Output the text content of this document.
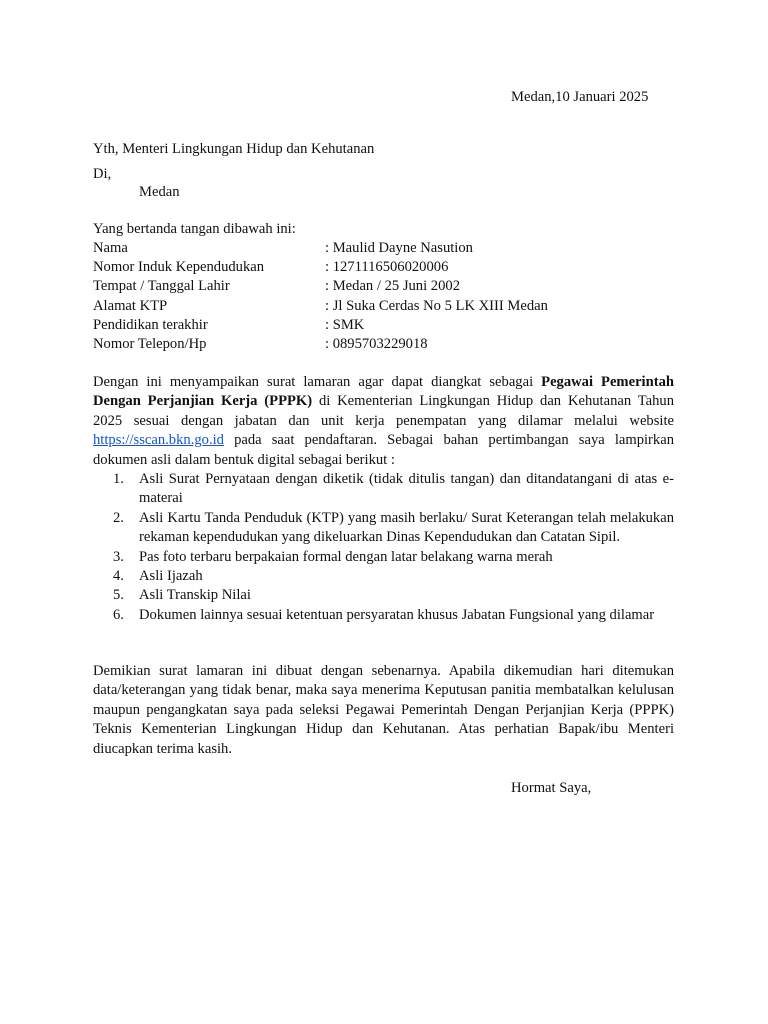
Medan,10 Januari 2025
Yth, Menteri Lingkungan Hidup dan Kehutanan
Di,
Medan
Yang bertanda tangan dibawah ini:
Nama	: Maulid Dayne Nasution
Nomor Induk Kependudukan	: 1271116506020006
Tempat / Tanggal Lahir	: Medan / 25 Juni 2002
Alamat KTP	: Jl Suka Cerdas No 5 LK XIII Medan
Pendidikan terakhir	: SMK
Nomor Telepon/Hp	: 0895703229018
Dengan ini menyampaikan surat lamaran agar dapat diangkat sebagai Pegawai Pemerintah Dengan Perjanjian Kerja (PPPK) di Kementerian Lingkungan Hidup dan Kehutanan Tahun 2025 sesuai dengan jabatan dan unit kerja penempatan yang dilamar melalui website https://sscan.bkn.go.id pada saat pendaftaran. Sebagai bahan pertimbangan saya lampirkan dokumen asli dalam bentuk digital sebagai berikut :
1. Asli Surat Pernyataan dengan diketik (tidak ditulis tangan) dan ditandatangani di atas e-materai
2. Asli Kartu Tanda Penduduk (KTP) yang masih berlaku/ Surat Keterangan telah melakukan rekaman kependudukan yang dikeluarkan Dinas Kependudukan dan Catatan Sipil.
3. Pas foto terbaru berpakaian formal dengan latar belakang warna merah
4. Asli Ijazah
5. Asli Transkip Nilai
6. Dokumen lainnya sesuai ketentuan persyaratan khusus Jabatan Fungsional yang dilamar
Demikian surat lamaran ini dibuat dengan sebenarnya. Apabila dikemudian hari ditemukan data/keterangan yang tidak benar, maka saya menerima Keputusan panitia membatalkan kelulusan maupun pengangkatan saya pada seleksi Pegawai Pemerintah Dengan Perjanjian Kerja (PPPK) Teknis Kementerian Lingkungan Hidup dan Kehutanan. Atas perhatian Bapak/ibu Menteri diucapkan terima kasih.
Hormat Saya,
